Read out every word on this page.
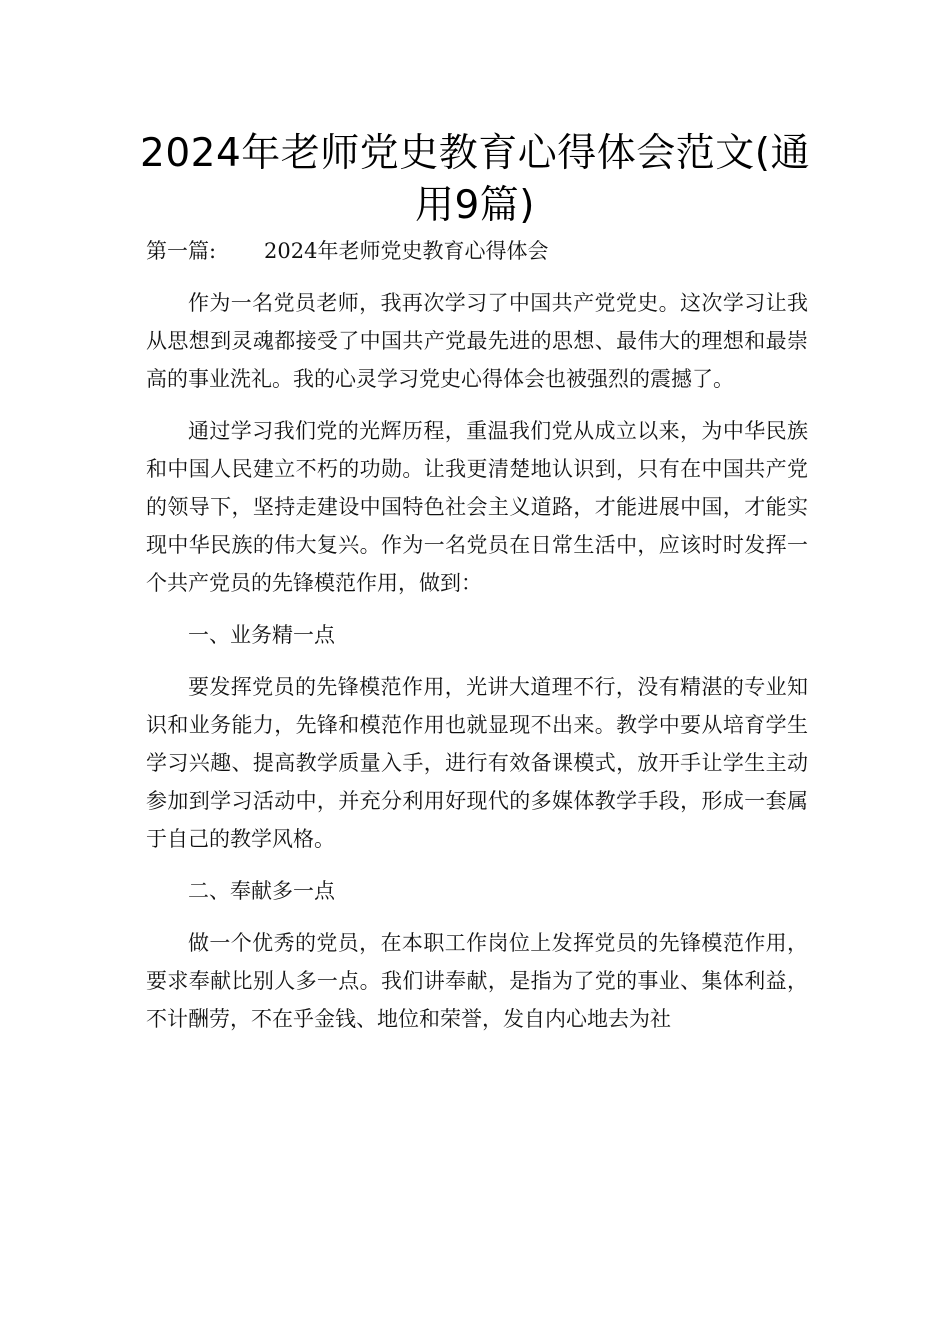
2024年老师党史教育心得体会范文(通
用9篇)
第一篇:	2024年老师党史教育心得体会

作为一名党员老师，我再次学习了中国共产党党史。这次学习让我从思想到灵魂都接受了中国共产党最先进的思想、最伟大的理想和最崇高的事业洗礼。我的心灵学习党史心得体会也被强烈的震撼了。

通过学习我们党的光辉历程，重温我们党从成立以来，为中华民族和中国人民建立不朽的功勋。让我更清楚地认识到，只有在中国共产党的领导下，坚持走建设中国特色社会主义道路，才能进展中国，才能实现中华民族的伟大复兴。作为一名党员在日常生活中，应该时时发挥一个共产党员的先锋模范作用，做到：

一、业务精一点

要发挥党员的先锋模范作用，光讲大道理不行，没有精湛的专业知识和业务能力，先锋和模范作用也就显现不出来。教学中要从培育学生学习兴趣、提高教学质量入手，进行有效备课模式，放开手让学生主动参加到学习活动中，并充分利用好现代的多媒体教学手段，形成一套属于自己的教学风格。

二、奉献多一点

做一个优秀的党员，在本职工作岗位上发挥党员的先锋模范作用，要求奉献比别人多一点。我们讲奉献，是指为了党的事业、集体利益，不计酬劳，不在乎金钱、地位和荣誉，发自内心地去为社
